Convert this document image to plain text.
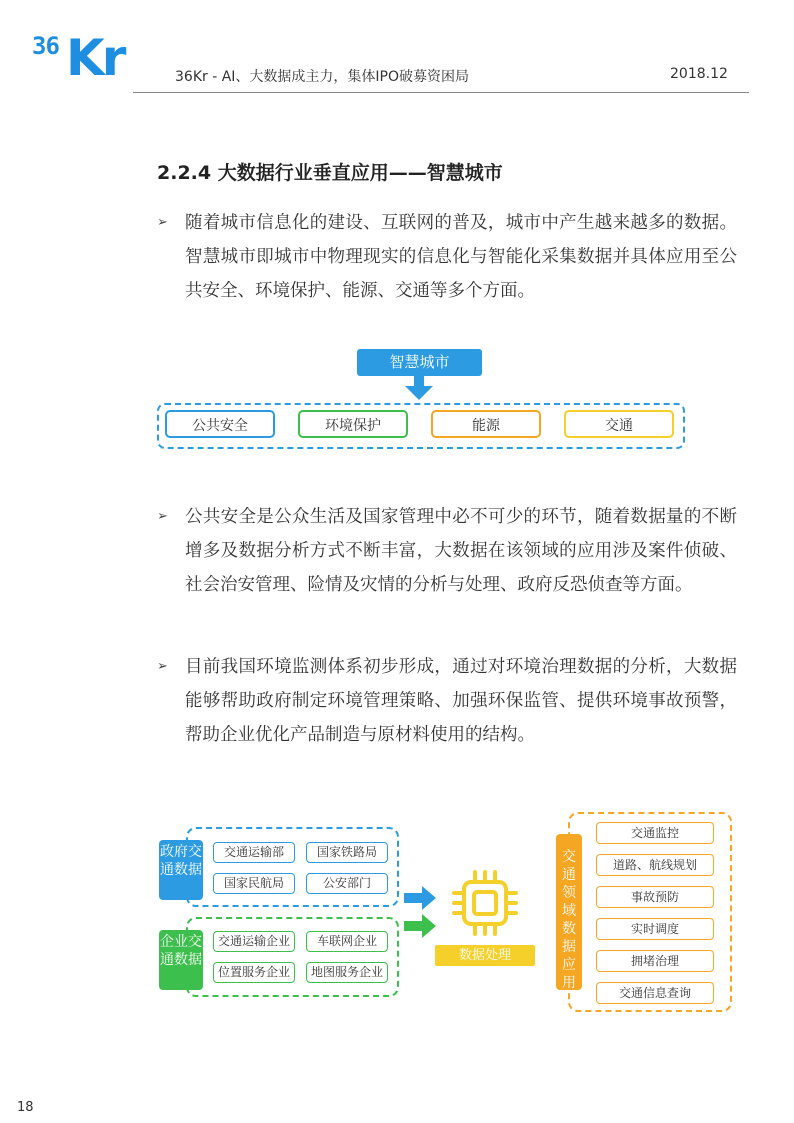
36 Kr	36Kr - AI、大数据成主力，集体IPO破募资困局	2018.12
2.2.4 大数据行业垂直应用——智慧城市
➢ 随着城市信息化的建设、互联网的普及，城市中产生越来越多的数据。智慧城市即城市中物理现实的信息化与智能化采集数据并具体应用至公共安全、环境保护、能源、交通等多个方面。
智慧城市
公共安全	环境保护	能源	交通
➢ 公共安全是公众生活及国家管理中必不可少的环节，随着数据量的不断增多及数据分析方式不断丰富，大数据在该领域的应用涉及案件侦破、社会治安管理、险情及灾情的分析与处理、政府反恐侦查等方面。
➢ 目前我国环境监测体系初步形成，通过对环境治理数据的分析，大数据能够帮助政府制定环境管理策略、加强环保监管、提供环境事故预警，帮助企业优化产品制造与原材料使用的结构。
政府交通数据
交通运输部	国家铁路局
国家民航局	公安部门
企业交通数据
交通运输企业	车联网企业
位置服务企业	地图服务企业
数据处理
交通领域数据应用
交通监控
道路、航线规划
事故预防
实时调度
拥堵治理
交通信息查询
18
